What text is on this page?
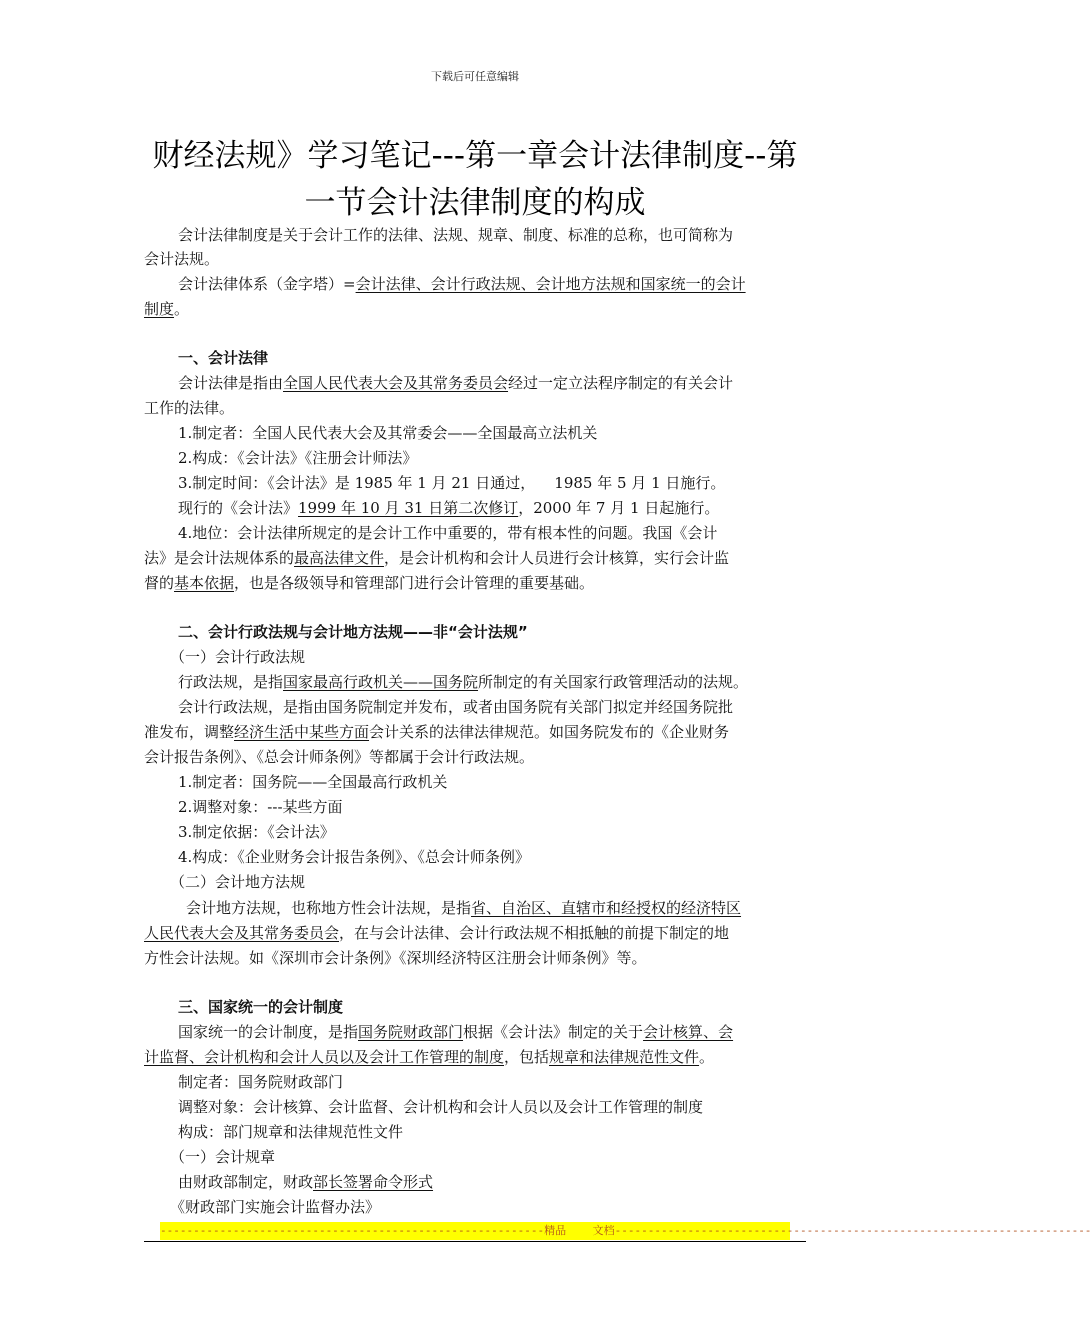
下载后可任意编辑
财经法规》学习笔记---第一章会计法律制度--第
一节会计法律制度的构成
会计法律制度是关于会计工作的法律、法规、规章、制度、标准的总称，也可简称为
会计法规。
会计法律体系（金字塔）=会计法律、会计行政法规、会计地方法规和国家统一的会计
制度。
一、会计法律
会计法律是指由全国人民代表大会及其常务委员会经过一定立法程序制定的有关会计
工作的法律。
1.制定者：全国人民代表大会及其常委会——全国最高立法机关
2.构成：《会计法》《注册会计师法》
3.制定时间：《会计法》是 1985 年 1 月 21 日通过，    1985 年 5 月 1 日施行。
现行的《会计法》1999 年 10 月 31 日第二次修订，2000 年 7 月 1 日起施行。
4.地位：会计法律所规定的是会计工作中重要的，带有根本性的问题。我国《会计
法》是会计法规体系的最高法律文件，是会计机构和会计人员进行会计核算，实行会计监
督的基本依据，也是各级领导和管理部门进行会计管理的重要基础。
二、会计行政法规与会计地方法规——非“会计法规”
（一）会计行政法规
行政法规，是指国家最高行政机关——国务院所制定的有关国家行政管理活动的法规。
会计行政法规，是指由国务院制定并发布，或者由国务院有关部门拟定并经国务院批
准发布，调整经济生活中某些方面会计关系的法律法律规范。如国务院发布的《企业财务
会计报告条例》、《总会计师条例》等都属于会计行政法规。
1.制定者：国务院——全国最高行政机关
2.调整对象：---某些方面
3.制定依据：《会计法》
4.构成：《企业财务会计报告条例》、《总会计师条例》
（二）会计地方法规
会计地方法规，也称地方性会计法规，是指省、自治区、直辖市和经授权的经济特区
人民代表大会及其常务委员会，在与会计法律、会计行政法规不相抵触的前提下制定的地
方性会计法规。如《深圳市会计条例》《深圳经济特区注册会计师条例》等。
三、国家统一的会计制度
国家统一的会计制度，是指国务院财政部门根据《会计法》制定的关于会计核算、会
计监督、会计机构和会计人员以及会计工作管理的制度，包括规章和法律规范性文件。
制定者：国务院财政部门
调整对象：会计核算、会计监督、会计机构和会计人员以及会计工作管理的制度
构成：部门规章和法律规范性文件
（一）会计规章
由财政部制定，财政部长签署命令形式
《财政部门实施会计监督办法》
----------------------------------------------------------精品    文档------------------------------------------------------------------------
